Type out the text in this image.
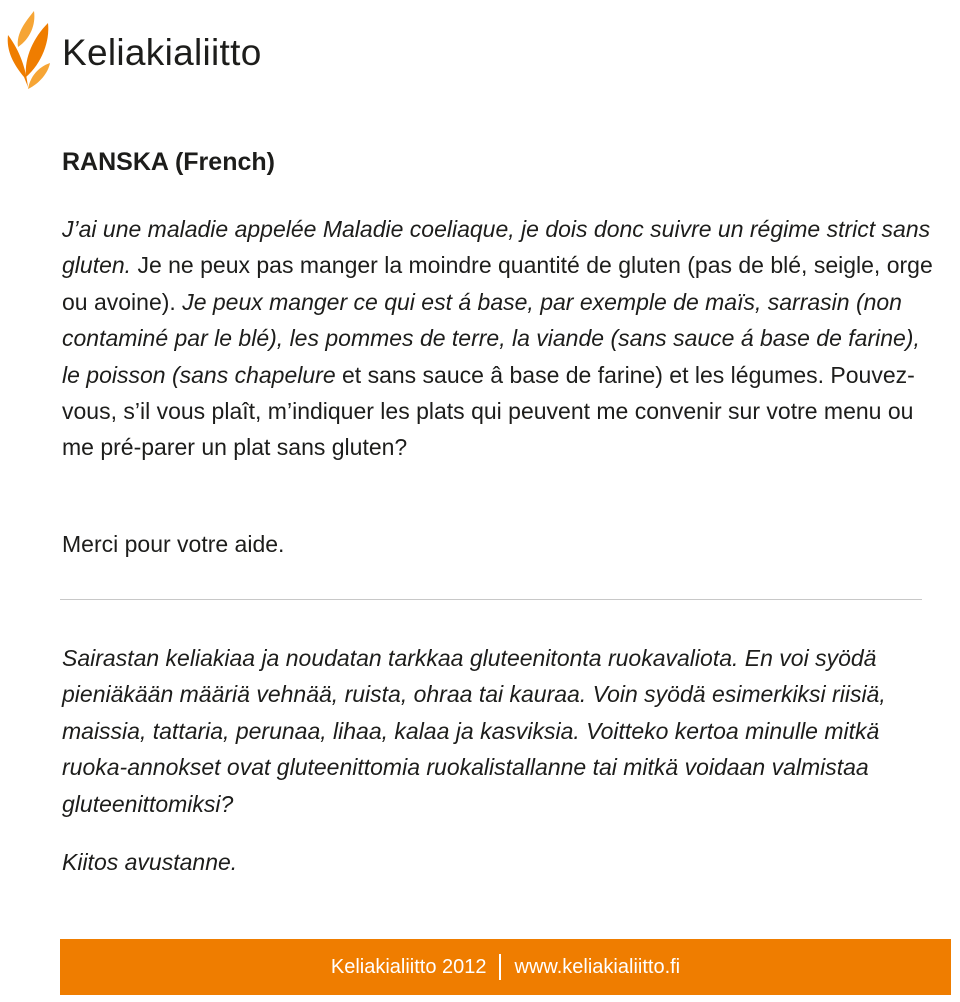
Keliakialiitto
RANSKA (French)
J’ai une maladie appelée Maladie coeliaque, je dois donc suivre un régime strict sans gluten. Je ne peux pas manger la moindre quantité de gluten (pas de blé, seigle, orge ou avoine). Je peux manger ce qui est á base, par exemple de maïs, sarrasin (non contaminé par le blé), les pommes de terre, la viande (sans sauce á base de farine), le poisson (sans chapelure et sans sauce â base de farine) et les légumes. Pouvez-vous, s’il vous plaît, m’indiquer les plats qui peuvent me convenir sur votre menu ou me pré-parer un plat sans gluten?
Merci pour votre aide.
Sairastan keliakiaa ja noudatan tarkkaa gluteenitonta ruokavaliota. En voi syödä pieniäkään määriä vehnää, ruista, ohraa tai kauraa. Voin syödä esimerkiksi riisiä, maissia, tattaria, perunaa, lihaa, kalaa ja kasviksia. Voitteko kertoa minulle mitkä ruoka-annokset ovat gluteenittomia ruokalistallanne tai mitkä voidaan valmistaa gluteenittomiksi?
Kiitos avustanne.
Keliakialiitto 2012 www.keliakialiitto.fi
